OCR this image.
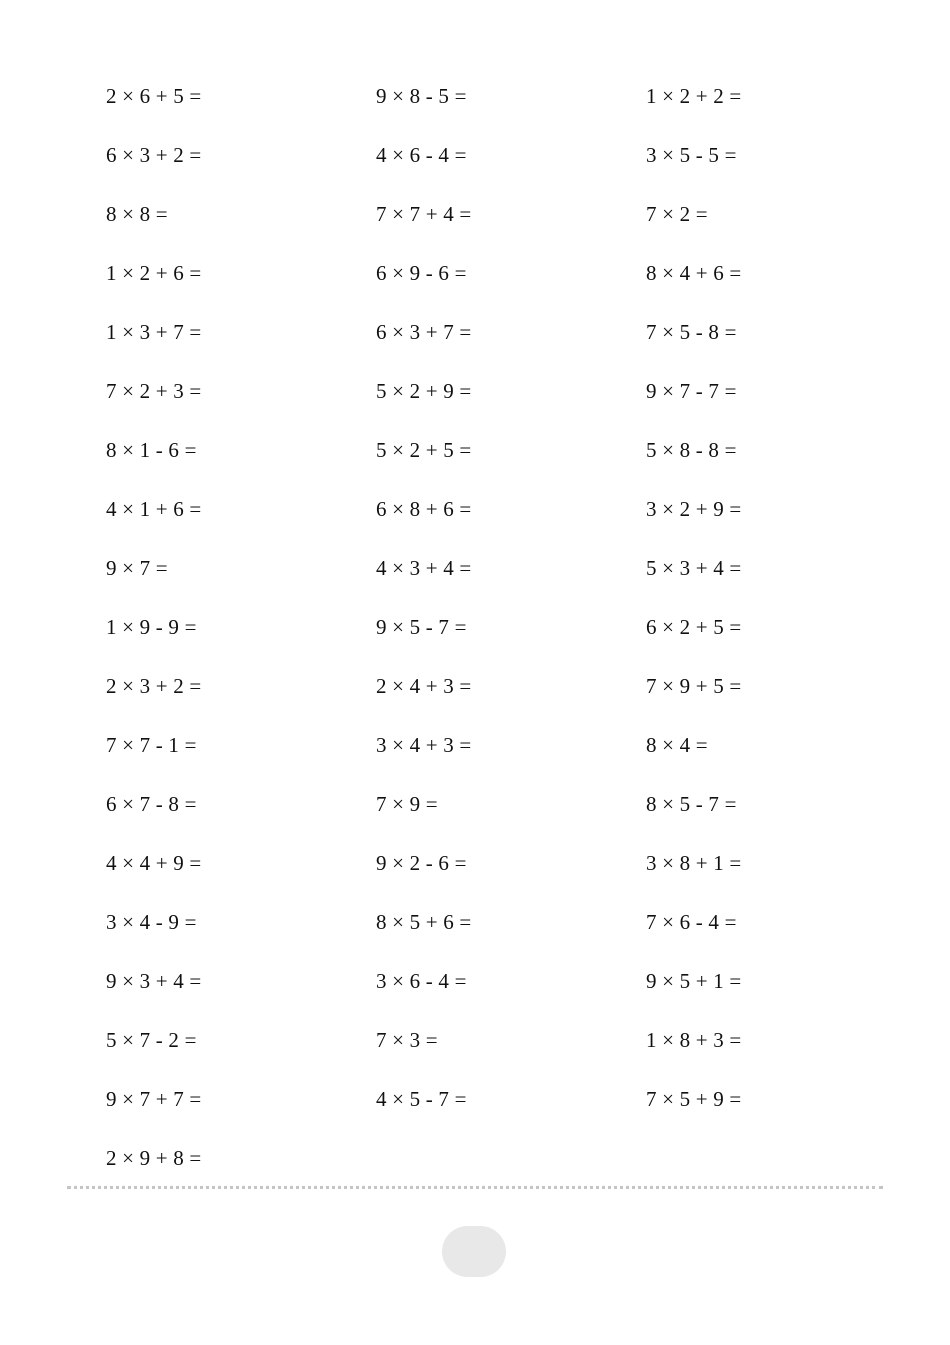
2 × 6 + 5 =	9 × 8 - 5 =	1 × 2 + 2 =
6 × 3 + 2 =	4 × 6 - 4 =	3 × 5 - 5 =
8 × 8 =	7 × 7 + 4 =	7 × 2 =
1 × 2 + 6 =	6 × 9 - 6 =	8 × 4 + 6 =
1 × 3 + 7 =	6 × 3 + 7 =	7 × 5 - 8 =
7 × 2 + 3 =	5 × 2 + 9 =	9 × 7 - 7 =
8 × 1 - 6 =	5 × 2 + 5 =	5 × 8 - 8 =
4 × 1 + 6 =	6 × 8 + 6 =	3 × 2 + 9 =
9 × 7 =	4 × 3 + 4 =	5 × 3 + 4 =
1 × 9 - 9 =	9 × 5 - 7 =	6 × 2 + 5 =
2 × 3 + 2 =	2 × 4 + 3 =	7 × 9 + 5 =
7 × 7 - 1 =	3 × 4 + 3 =	8 × 4 =
6 × 7 - 8 =	7 × 9 =	8 × 5 - 7 =
4 × 4 + 9 =	9 × 2 - 6 =	3 × 8 + 1 =
3 × 4 - 9 =	8 × 5 + 6 =	7 × 6 - 4 =
9 × 3 + 4 =	3 × 6 - 4 =	9 × 5 + 1 =
5 × 7 - 2 =	7 × 3 =	1 × 8 + 3 =
9 × 7 + 7 =	4 × 5 - 7 =	7 × 5 + 9 =
2 × 9 + 8 =
